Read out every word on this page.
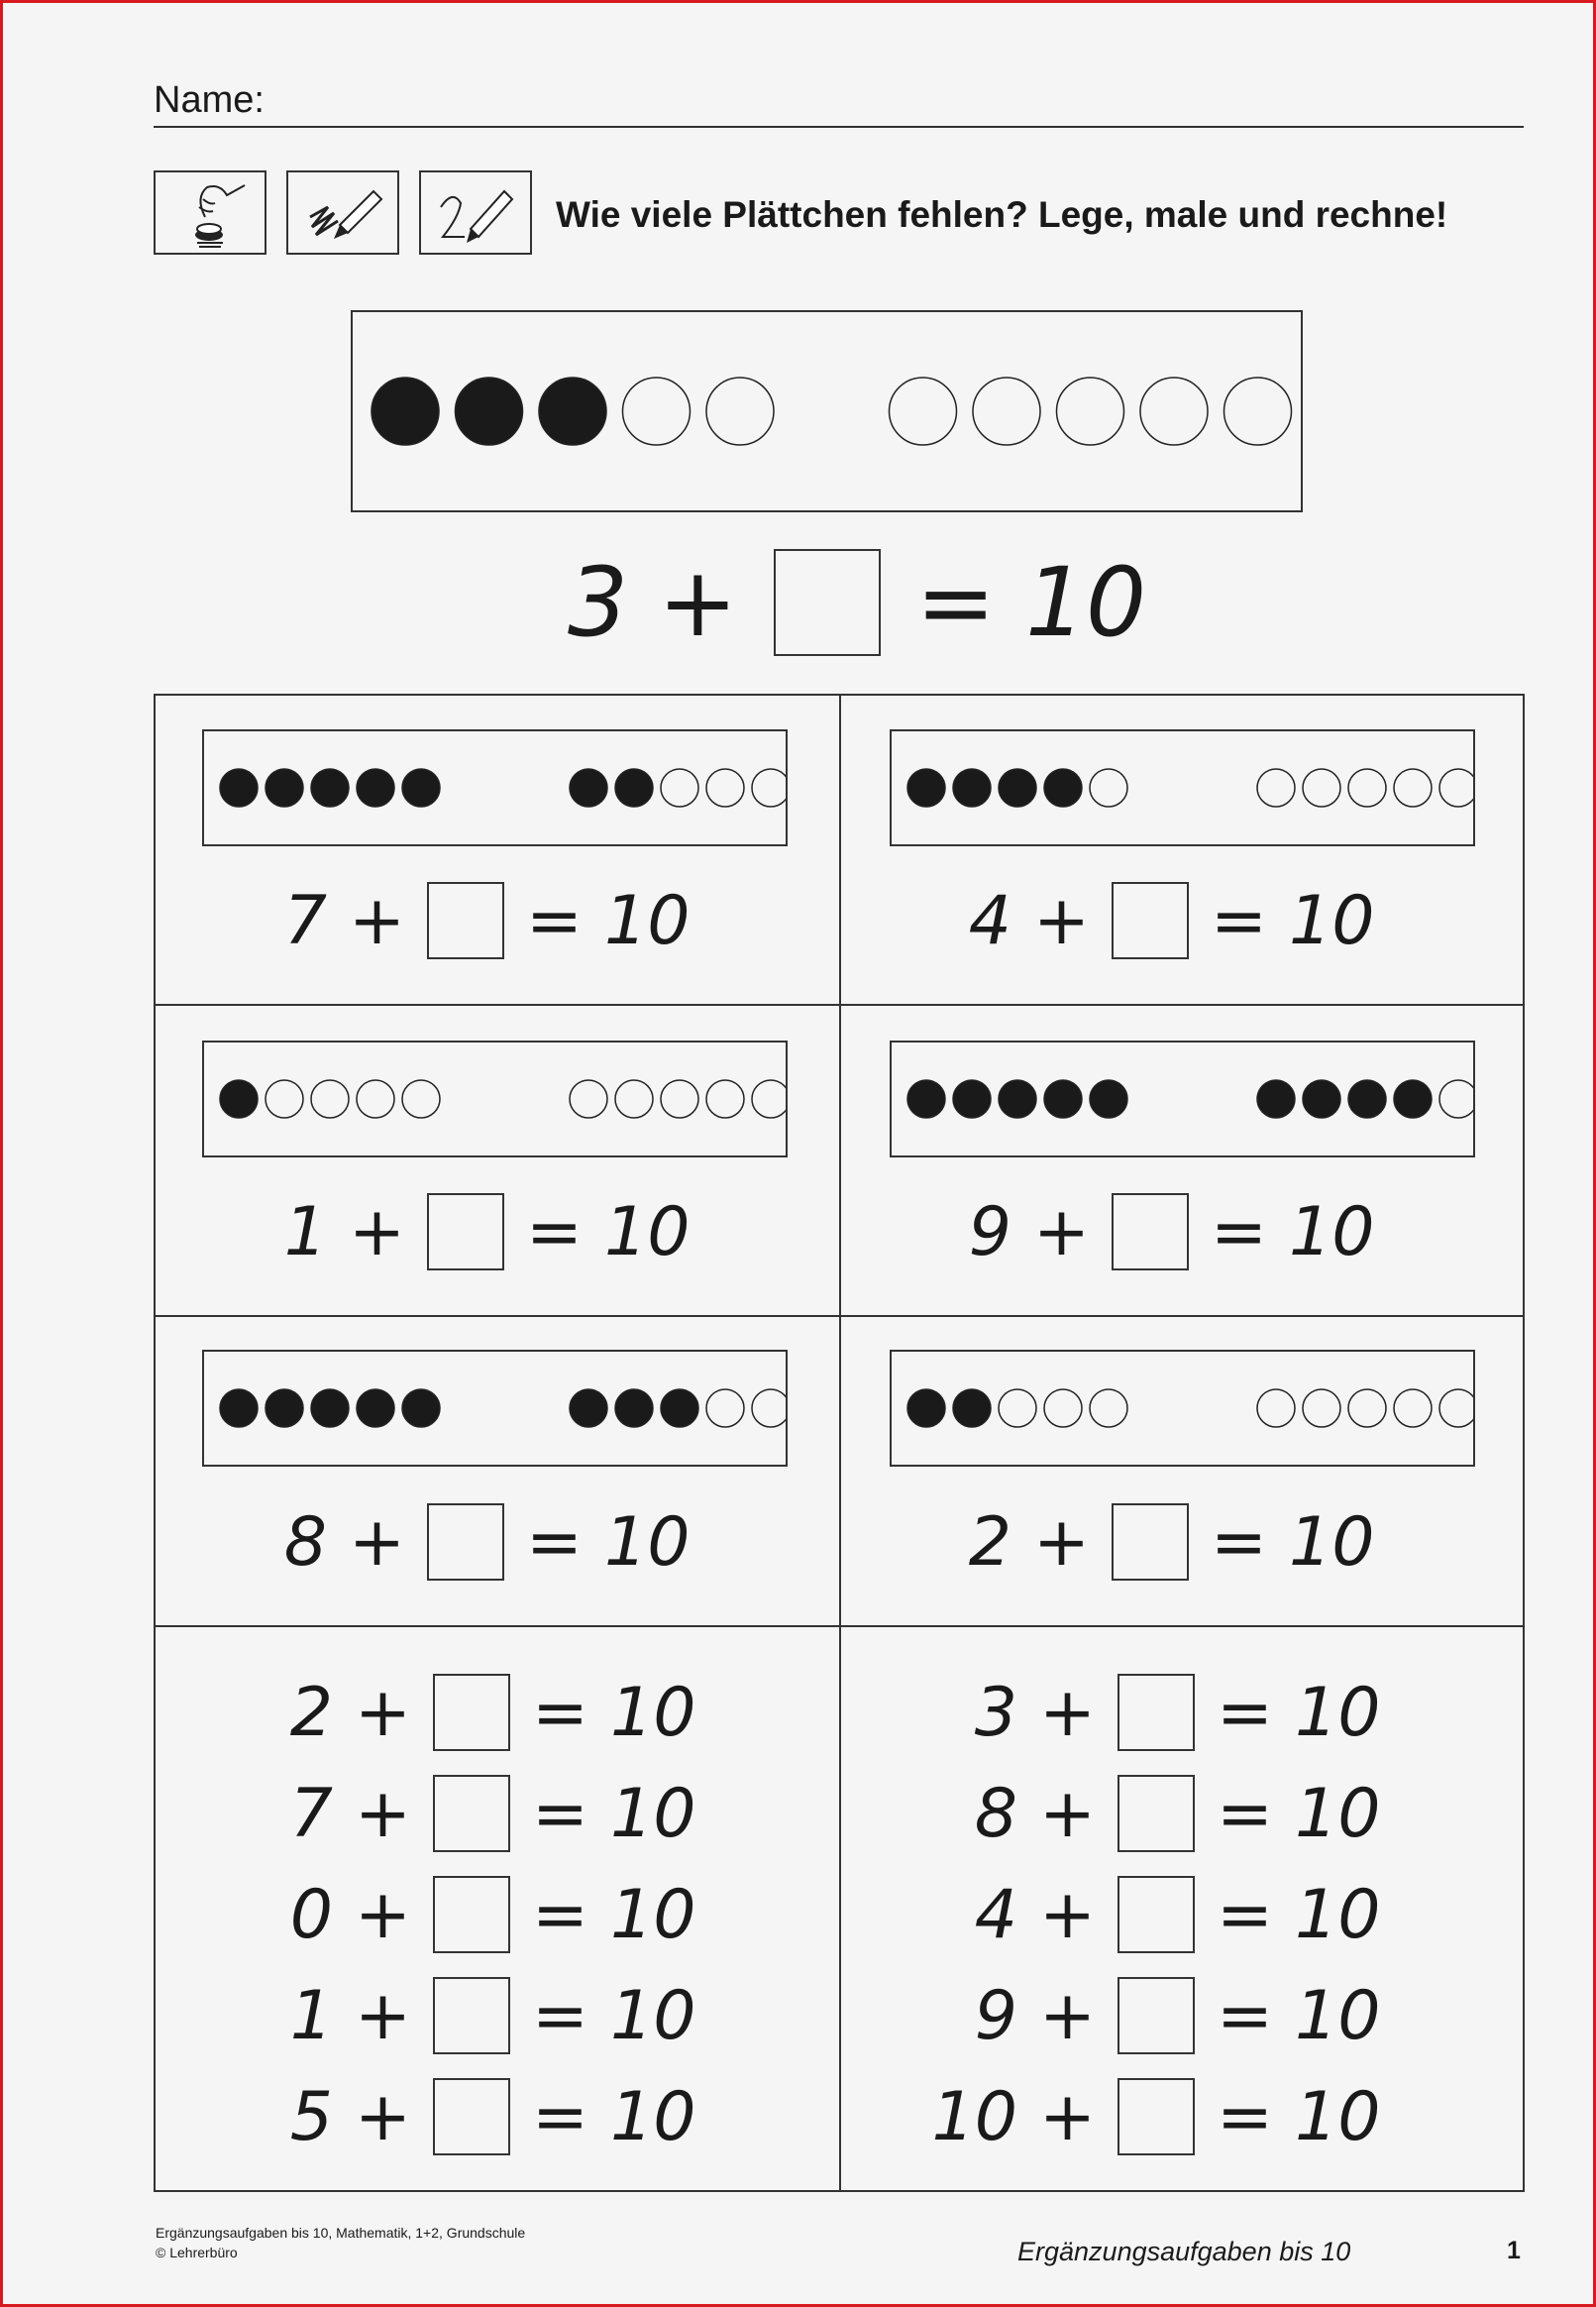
Name:
Wie viele Plättchen fehlen? Lege, male und rechne!
3 + = 10
7 + = 10	4 + = 10
1 + = 10	9 + = 10
8 + = 10	2 + = 10
2 + = 10
7 + = 10
0 + = 10
1 + = 10
5 + = 10
3 + = 10
8 + = 10
4 + = 10
9 + = 10
10 + = 10
Ergänzungsaufgaben bis 10, Mathematik, 1+2, Grundschule
© Lehrerbüro	Ergänzungsaufgaben bis 10	1
